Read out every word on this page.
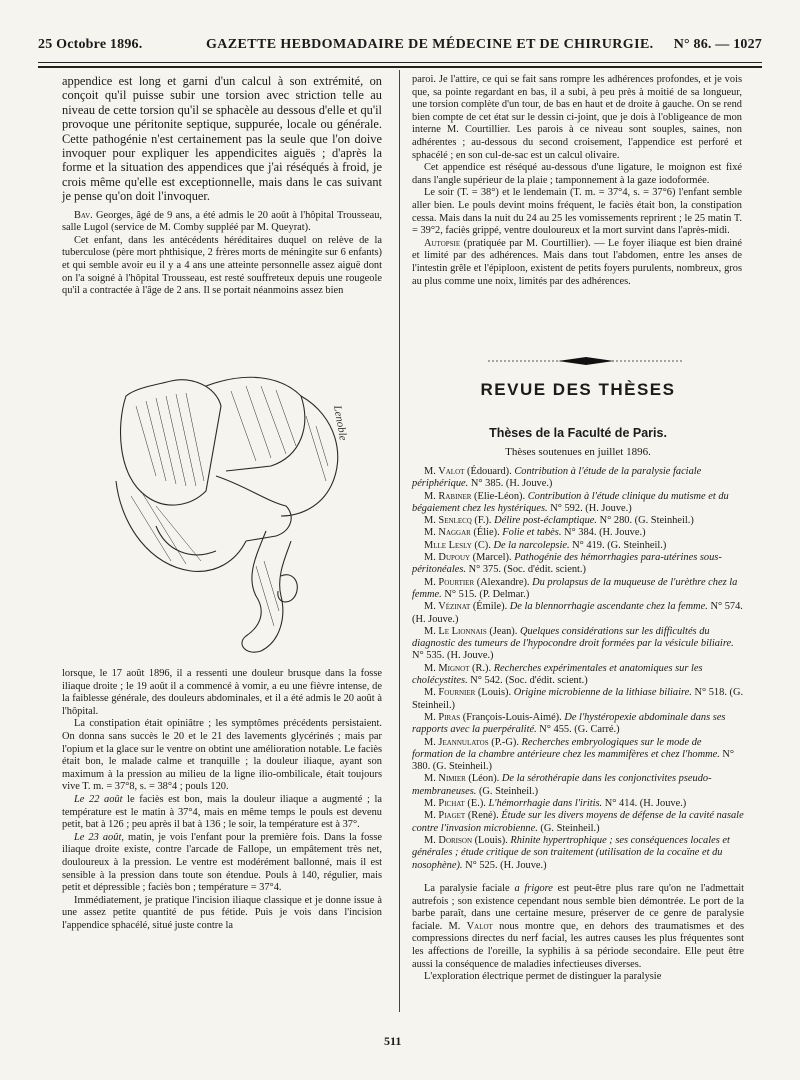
25 Octobre 1896.	GAZETTE HEBDOMADAIRE DE MÉDECINE ET DE CHIRURGIE. N° 86. — 1027

appendice est long et garni d'un calcul à son extrémité, on conçoit qu'il puisse subir une torsion avec striction telle au niveau de cette torsion qu'il se sphacèle au dessous d'elle et qu'il provoque une péritonite septique, suppurée, locale ou générale. Cette pathogénie n'est certainement pas la seule que l'on doive invoquer pour expliquer les appendicites aiguës ; d'après la forme et la situation des appendices que j'ai réséqués à froid, je crois même qu'elle est exceptionnelle, mais dans le cas suivant je pense qu'on doit l'invoquer.

Bav. Georges, âgé de 9 ans, a été admis le 20 août à l'hôpital Trousseau, salle Lugol (service de M. Comby suppléé par M. Queyrat).

Cet enfant, dans les antécédents héréditaires duquel on relève de la tuberculose (père mort phthisique, 2 frères morts de méningite sur 6 enfants) et qui semble avoir eu il y a 4 ans une atteinte personnelle assez aiguë dont on l'a soigné à l'hôpital Trousseau, est resté souffreteux depuis une rougeole qu'il a contractée à l'âge de 2 ans. Il se portait néanmoins assez bien

Lenoble

lorsque, le 17 août 1896, il a ressenti une douleur brusque dans la fosse iliaque droite ; le 19 août il a commencé à vomir, a eu une fièvre intense, de la faiblesse générale, des douleurs abdominales, et il a été admis le 20 août à l'hôpital.

La constipation était opiniâtre ; les symptômes précédents persistaient. On donna sans succès le 20 et le 21 des lavements glycérinés ; mais par l'opium et la glace sur le ventre on obtint une amélioration notable. Le faciès était bon, le malade calme et tranquille ; la douleur iliaque, ayant son maximum à la pression au milieu de la ligne ilio-ombilicale, était toujours vive T. m. = 37°8, s. = 38°4 ; pouls 120.

Le 22 août le faciès est bon, mais la douleur iliaque a augmenté ; la température est le matin à 37°4, mais en même temps le pouls est devenu petit, bat à 126 ; peu après il bat à 136 ; le soir, la température est à 37°.

Le 23 août, matin, je vois l'enfant pour la première fois. Dans la fosse iliaque droite existe, contre l'arcade de Fallope, un empâtement très net, douloureux à la pression. Le ventre est modérément ballonné, mais il est sensible à la pression dans toute son étendue. Pouls à 140, régulier, mais petit et dépressible ; faciès bon ; température = 37°4.

Immédiatement, je pratique l'incision iliaque classique et je donne issue à une assez petite quantité de pus fétide. Puis je vois dans l'incision l'appendice sphacélé, situé juste contre la

paroi. Je l'attire, ce qui se fait sans rompre les adhérences profondes, et je vois que, sa pointe regardant en bas, il a subi, à peu près à moitié de sa longueur, une torsion complète d'un tour, de bas en haut et de droite à gauche. On se rend bien compte de cet état sur le dessin ci-joint, que je dois à l'obligeance de mon interne M. Courtillier. Les parois à ce niveau sont souples, saines, non adhérentes ; au-dessous du second croisement, l'appendice est perforé et sphacélé ; en son cul-de-sac est un calcul olivaire.

Cet appendice est réséqué au-dessous d'une ligature, le moignon est fixé dans l'angle supérieur de la plaie ; tamponnement à la gaze iodoformée.

Le soir (T. = 38°) et le lendemain (T. m. = 37°4, s. = 37°6) l'enfant semble aller bien. Le pouls devint moins fréquent, le faciès était bon, la constipation cessa. Mais dans la nuit du 24 au 25 les vomissements reprirent ; le 25 matin T. = 39°2, faciès grippé, ventre douloureux et la mort survint dans l'après-midi.

Autopsie (pratiquée par M. Courtillier). — Le foyer iliaque est bien drainé et limité par des adhérences. Mais dans tout l'abdomen, entre les anses de l'intestin grêle et l'épiploon, existent de petits foyers purulents, nombreux, gros au plus comme une noix, limités par des adhérences.

REVUE DES THÈSES
Thèses de la Faculté de Paris.
Thèses soutenues en juillet 1896.

M. Valot (Édouard). Contribution à l'étude de la paralysie faciale périphérique. N° 385. (H. Jouve.)

M. Rabiner (Elie-Léon). Contribution à l'étude clinique du mutisme et du bégaiement chez les hystériques. N° 592. (H. Jouve.)

M. Senlecq (F.). Délire post-éclamptique. N° 280. (G. Steinheil.)

M. Naggar (Élie). Folie et tabès. N° 384. (H. Jouve.)

Mlle Lesly (C). De la narcolepsie. N° 419. (G. Steinheil.)

M. Dupouy (Marcel). Pathogénie des hémorrhagies para-utérines sous-péritonéales. N° 375. (Soc. d'édit. scient.)

M. Pourtier (Alexandre). Du prolapsus de la muqueuse de l'urèthre chez la femme. N° 515. (P. Delmar.)

M. Vézinat (Émile). De la blennorrhagie ascendante chez la femme. N° 574. (H. Jouve.)

M. Le Lionnais (Jean). Quelques considérations sur les difficultés du diagnostic des tumeurs de l'hypocondre droit formées par la vésicule biliaire. N° 535. (H. Jouve.)

M. Mignot (R.). Recherches expérimentales et anatomiques sur les cholécystites. N° 542. (Soc. d'édit. scient.)

M. Fournier (Louis). Origine microbienne de la lithiase biliaire. N° 518. (G. Steinheil.)

M. Piras (François-Louis-Aimé). De l'hystéropexie abdominale dans ses rapports avec la puerpéralité. N° 455. (G. Carré.)

M. Jeannulatos (P.-G). Recherches embryologiques sur le mode de formation de la chambre antérieure chez les mammifères et chez l'homme. N° 380. (G. Steinheil.)

M. Nimier (Léon). De la sérothérapie dans les conjonctivites pseudo-membraneuses. (G. Steinheil.)

M. Pichat (E.). L'hémorrhagie dans l'iritis. N° 414. (H. Jouve.)

M. Piaget (René). Étude sur les divers moyens de défense de la cavité nasale contre l'invasion microbienne. (G. Steinheil.)

M. Dorison (Louis). Rhinite hypertrophique ; ses conséquences locales et générales ; étude critique de son traitement (utilisation de la cocaïne et du nosophène). N° 525. (H. Jouve.)

La paralysie faciale a frigore est peut-être plus rare qu'on ne l'admettait autrefois ; son existence cependant nous semble bien démontrée. Le port de la barbe paraît, dans une certaine mesure, préserver de ce genre de paralysie faciale. M. Valot nous montre que, en dehors des traumatismes et des compressions directes du nerf facial, les autres causes les plus fréquentes sont les affections de l'oreille, la syphilis à sa période secondaire. Elle peut être aussi la conséquence de maladies infectieuses diverses.

L'exploration électrique permet de distinguer la paralysie

511
